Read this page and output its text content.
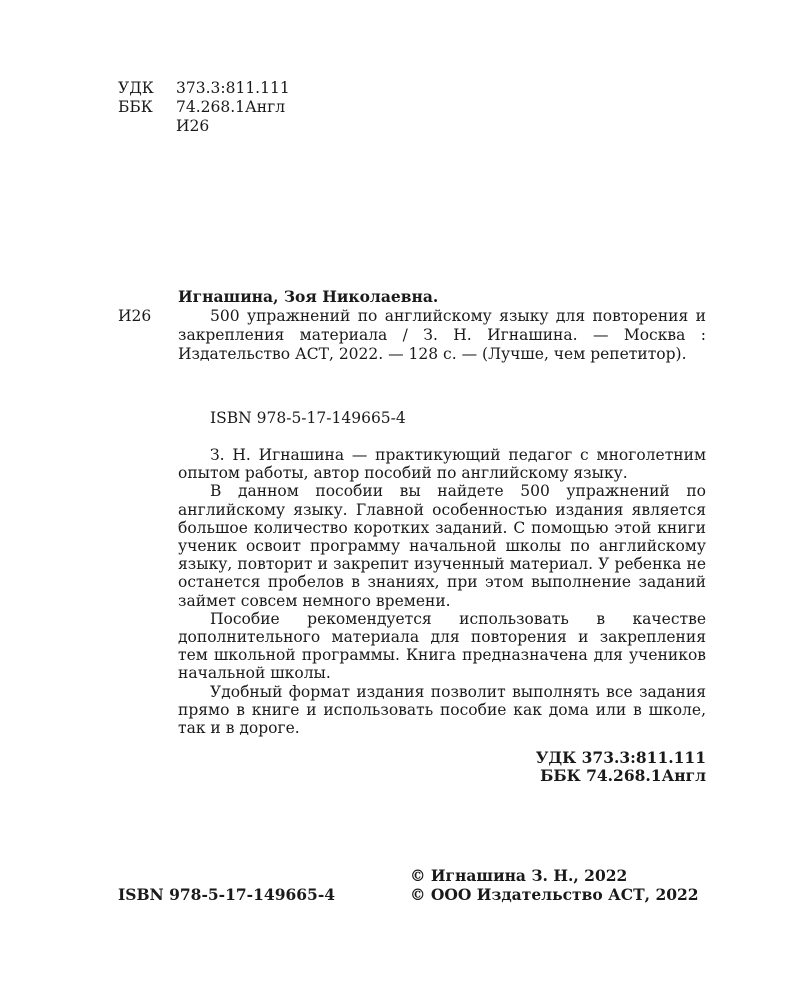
УДК	373.3:811.111
ББК	74.268.1Англ
И26
Игнашина, Зоя Николаевна.
И26	500 упражнений по английскому языку для повторения и закрепления материала / З. Н. Игнашина. — Москва : Издательство АСТ, 2022. — 128 с. — (Лучше, чем репетитор).

ISBN 978-5-17-149665-4

З. Н. Игнашина — практикующий педагог с многолетним опытом работы, автор пособий по английскому языку.

В данном пособии вы найдете 500 упражнений по английскому языку. Главной особенностью издания является большое количество коротких заданий. С помощью этой книги ученик освоит программу начальной школы по английскому языку, повторит и закрепит изученный материал. У ребенка не останется пробелов в знаниях, при этом выполнение заданий займет совсем немного времени.

Пособие рекомендуется использовать в качестве дополнительного материала для повторения и закрепления тем школьной программы. Книга предназначена для учеников начальной школы.

Удобный формат издания позволит выполнять все задания прямо в книге и использовать пособие как дома или в школе, так и в дороге.

УДК 373.3:811.111
ББК 74.268.1Англ
© Игнашина З. Н., 2022
© ООО Издательство АСТ, 2022
ISBN 978-5-17-149665-4
